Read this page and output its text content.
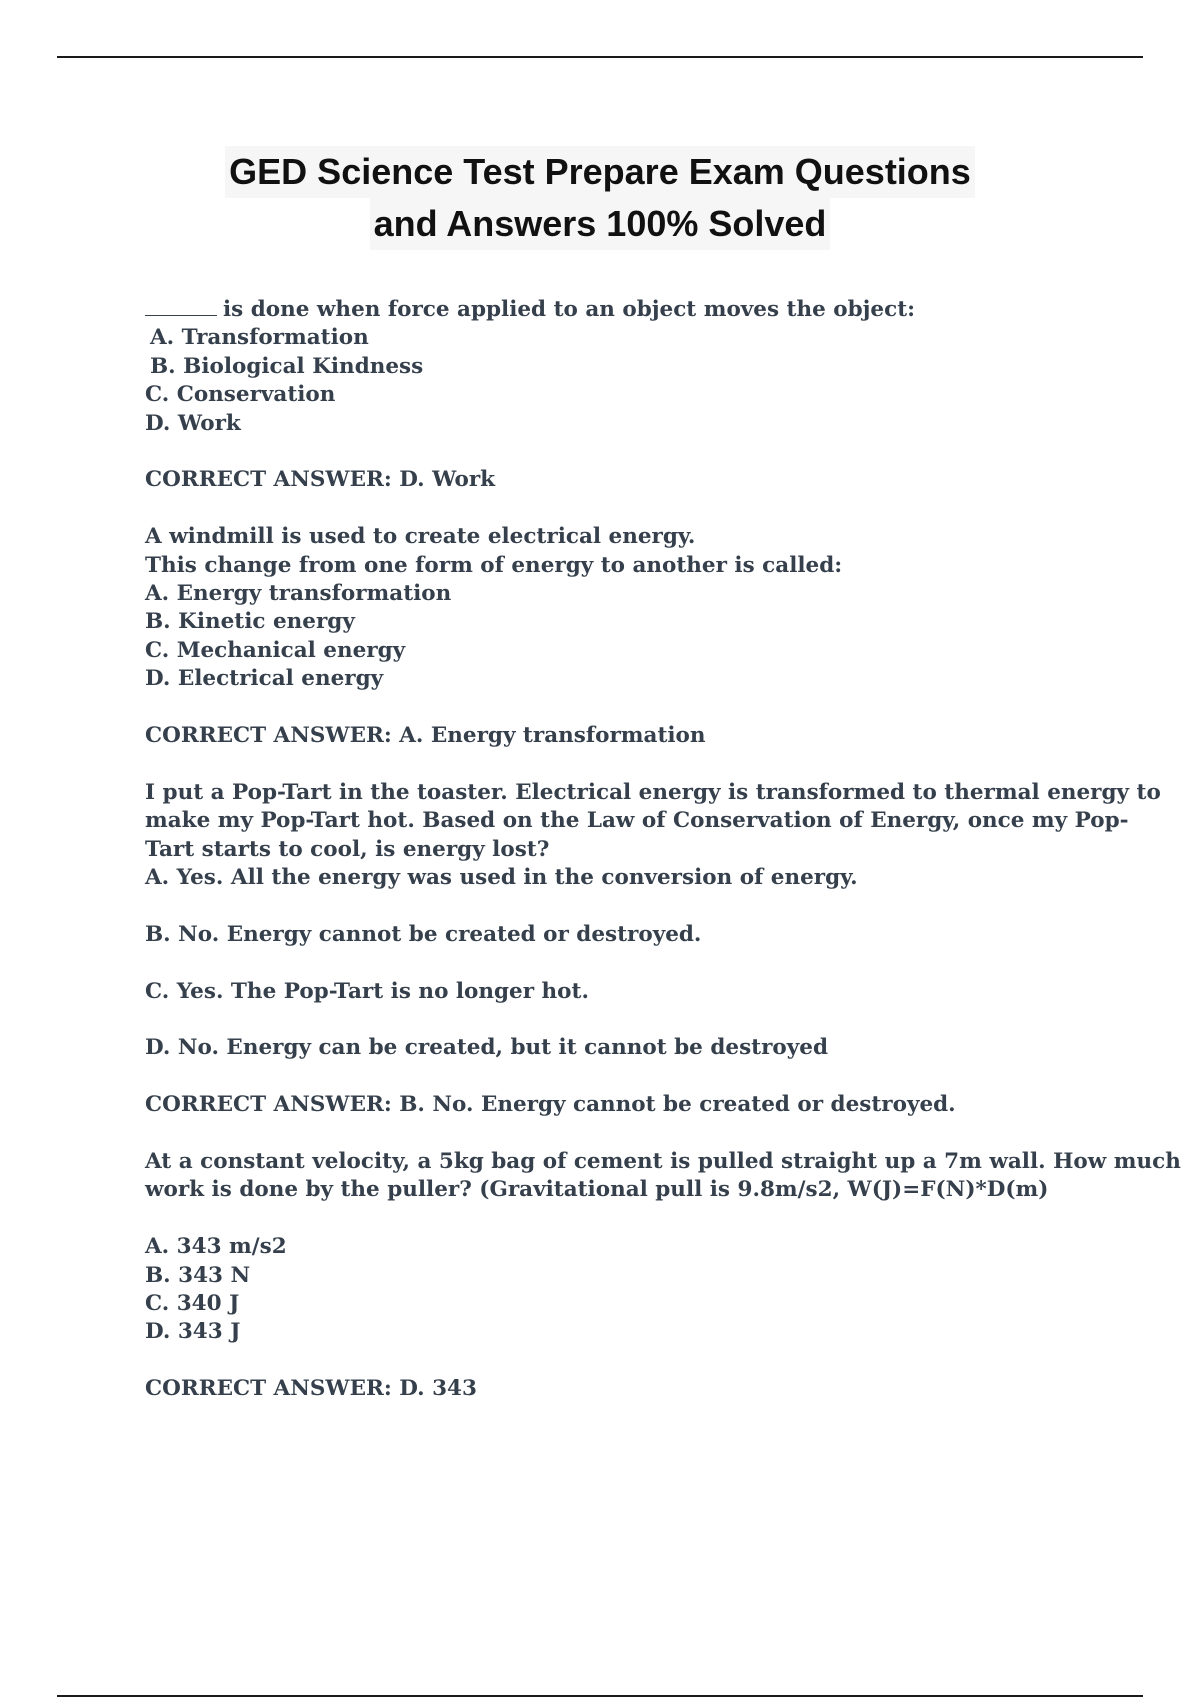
GED Science Test Prepare Exam Questions
and Answers 100% Solved
is done when force applied to an object moves the object:
A. Transformation
B. Biological Kindness
C. Conservation
D. Work
CORRECT ANSWER: D. Work
A windmill is used to create electrical energy.
This change from one form of energy to another is called:
A. Energy transformation
B. Kinetic energy
C. Mechanical energy
D. Electrical energy
CORRECT ANSWER: A. Energy transformation
I put a Pop-Tart in the toaster. Electrical energy is transformed to thermal energy to
make my Pop-Tart hot. Based on the Law of Conservation of Energy, once my Pop-
Tart starts to cool, is energy lost?
A. Yes. All the energy was used in the conversion of energy.
B. No. Energy cannot be created or destroyed.
C. Yes. The Pop-Tart is no longer hot.
D. No. Energy can be created, but it cannot be destroyed
CORRECT ANSWER: B. No. Energy cannot be created or destroyed.
At a constant velocity, a 5kg bag of cement is pulled straight up a 7m wall. How much
work is done by the puller? (Gravitational pull is 9.8m/s2, W(J)=F(N)*D(m)
A. 343 m/s2
B. 343 N
C. 340 J
D. 343 J
CORRECT ANSWER: D. 343
